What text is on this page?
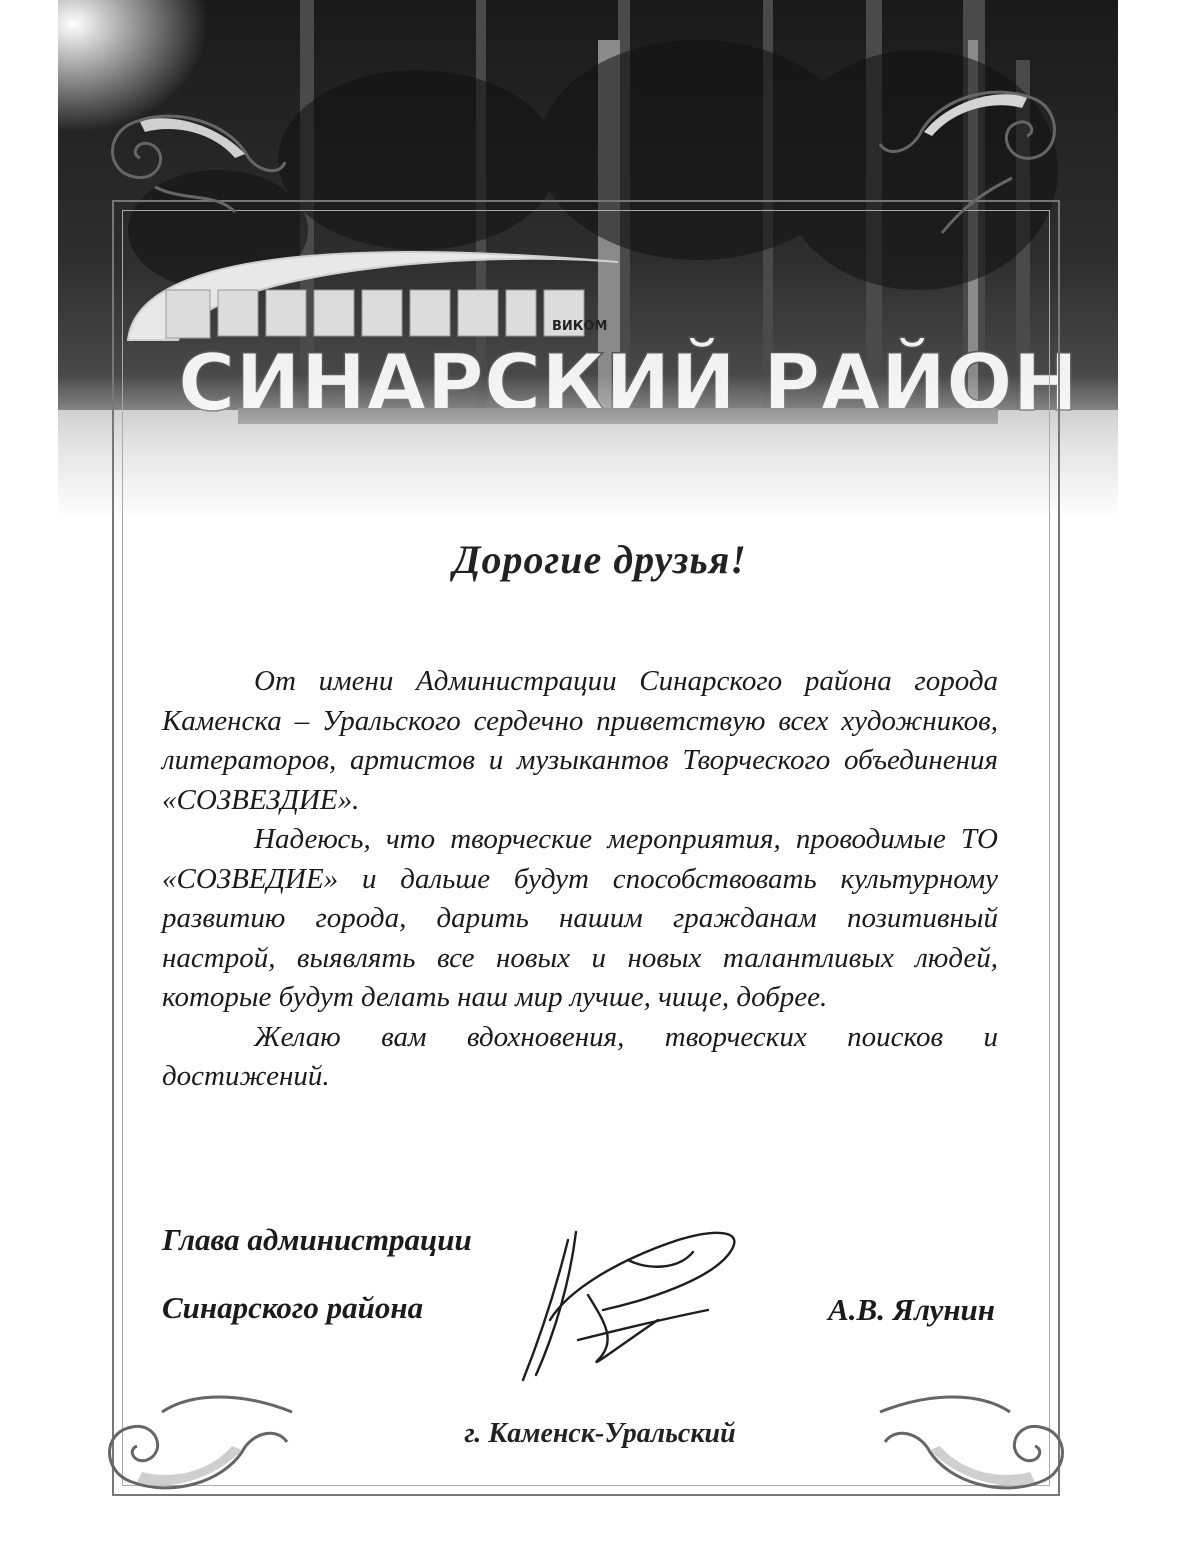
Дорогие друзья!

От имени Администрации Синарского района города Каменска – Уральского сердечно приветствую всех художников, литераторов, артистов и музыкантов Творческого объединения «СОЗВЕЗДИЕ».

Надеюсь, что творческие мероприятия, проводимые ТО «СОЗВЕДИЕ» и дальше будут способствовать культурному развитию города, дарить нашим гражданам позитивный настрой, выявлять все новых и новых талантливых людей, которые будут делать наш мир лучше, чище, добрее.

Желаю вам вдохновения, творческих поисков и достижений.

Глава администрации
Синарского района	А.В. Ялунин
г. Каменск-Уральский
